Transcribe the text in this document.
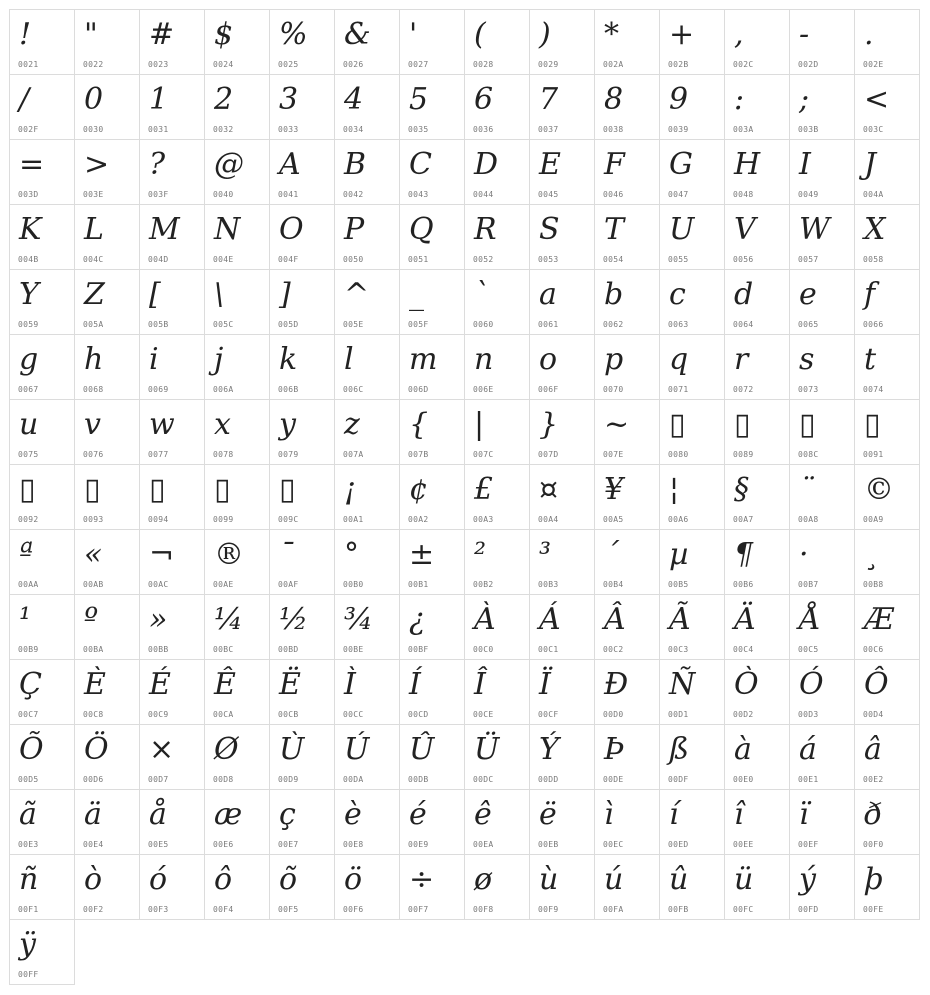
!
0021
"
0022
#
0023
$
0024
%
0025
&
0026
'
0027
(
0028
)
0029
*
002A
+
002B
,
002C
-
002D
.
002E
/
002F
0
0030
1
0031
2
0032
3
0033
4
0034
5
0035
6
0036
7
0037
8
0038
9
0039
:
003A
;
003B
<
003C
=
003D
>
003E
?
003F
@
0040
A
0041
B
0042
C
0043
D
0044
E
0045
F
0046
G
0047
H
0048
I
0049
J
004A
K
004B
L
004C
M
004D
N
004E
O
004F
P
0050
Q
0051
R
0052
S
0053
T
0054
U
0055
V
0056
W
0057
X
0058
Y
0059
Z
005A
[
005B
\
005C
]
005D
^
005E
_
005F
`
0060
a
0061
b
0062
c
0063
d
0064
e
0065
f
0066
g
0067
h
0068
i
0069
j
006A
k
006B
l
006C
m
006D
n
006E
o
006F
p
0070
q
0071
r
0072
s
0073
t
0074
u
0075
v
0076
w
0077
x
0078
y
0079
z
007A
{
007B
|
007C
}
007D
~
007E
▯
0080
▯
0089
▯
008C
▯
0091
▯
0092
▯
0093
▯
0094
▯
0099
▯
009C
¡
00A1
¢
00A2
£
00A3
¤
00A4
¥
00A5
¦
00A6
§
00A7
¨
00A8
©
00A9
ª
00AA
«
00AB
¬
00AC
®
00AE
¯
00AF
°
00B0
±
00B1
²
00B2
³
00B3
´
00B4
µ
00B5
¶
00B6
·
00B7
¸
00B8
¹
00B9
º
00BA
»
00BB
¼
00BC
½
00BD
¾
00BE
¿
00BF
À
00C0
Á
00C1
Â
00C2
Ã
00C3
Ä
00C4
Å
00C5
Æ
00C6
Ç
00C7
È
00C8
É
00C9
Ê
00CA
Ë
00CB
Ì
00CC
Í
00CD
Î
00CE
Ï
00CF
Ð
00D0
Ñ
00D1
Ò
00D2
Ó
00D3
Ô
00D4
Õ
00D5
Ö
00D6
×
00D7
Ø
00D8
Ù
00D9
Ú
00DA
Û
00DB
Ü
00DC
Ý
00DD
Þ
00DE
ß
00DF
à
00E0
á
00E1
â
00E2
ã
00E3
ä
00E4
å
00E5
æ
00E6
ç
00E7
è
00E8
é
00E9
ê
00EA
ë
00EB
ì
00EC
í
00ED
î
00EE
ï
00EF
ð
00F0
ñ
00F1
ò
00F2
ó
00F3
ô
00F4
õ
00F5
ö
00F6
÷
00F7
ø
00F8
ù
00F9
ú
00FA
û
00FB
ü
00FC
ý
00FD
þ
00FE
ÿ
00FF
